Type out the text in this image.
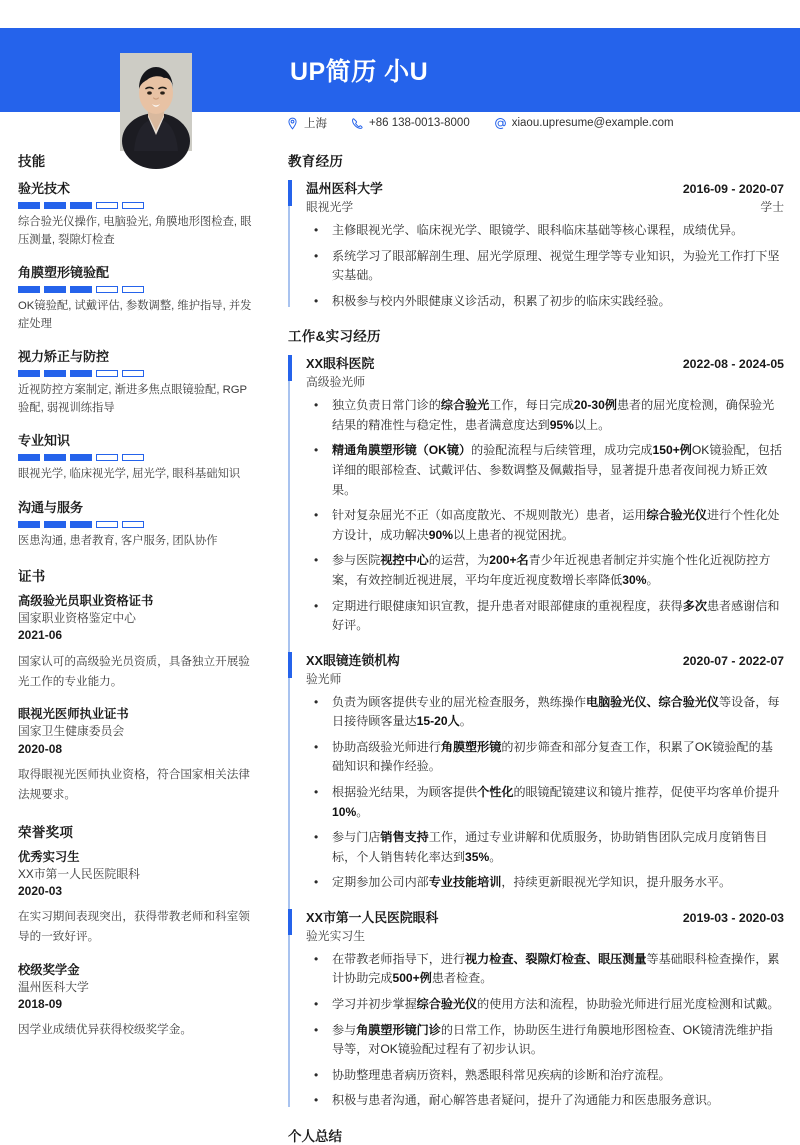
UP简历 小U
上海	+86 138-0013-8000	xiaou.upresume@example.com
技能
验光技术
综合验光仪操作, 电脑验光, 角膜地形图检查, 眼压测量, 裂隙灯检查
角膜塑形镜验配
OK镜验配, 试戴评估, 参数调整, 维护指导, 并发症处理
视力矫正与防控
近视防控方案制定, 渐进多焦点眼镜验配, RGP验配, 弱视训练指导
专业知识
眼视光学, 临床视光学, 屈光学, 眼科基础知识
沟通与服务
医患沟通, 患者教育, 客户服务, 团队协作
证书
高级验光员职业资格证书
国家职业资格鉴定中心
2021-06
国家认可的高级验光员资质，具备独立开展验光工作的专业能力。
眼视光医师执业证书
国家卫生健康委员会
2020-08
取得眼视光医师执业资格，符合国家相关法律法规要求。
荣誉奖项
优秀实习生
XX市第一人民医院眼科
2020-03
在实习期间表现突出，获得带教老师和科室领导的一致好评。
校级奖学金
温州医科大学
2018-09
因学业成绩优异获得校级奖学金。
教育经历
温州医科大学	2016-09 - 2020-07
眼视光学	学士
• 主修眼视光学、临床视光学、眼镜学、眼科临床基础等核心课程，成绩优异。
• 系统学习了眼部解剖生理、屈光学原理、视觉生理学等专业知识，为验光工作打下坚实基础。
• 积极参与校内外眼健康义诊活动，积累了初步的临床实践经验。
工作&实习经历
XX眼科医院	2022-08 - 2024-05
高级验光师
• 独立负责日常门诊的综合验光工作，每日完成20-30例患者的屈光度检测，确保验光结果的精准性与稳定性，患者满意度达到95%以上。
• 精通角膜塑形镜（OK镜）的验配流程与后续管理，成功完成150+例OK镜验配，包括详细的眼部检查、试戴评估、参数调整及佩戴指导，显著提升患者夜间视力矫正效果。
• 针对复杂屈光不正（如高度散光、不规则散光）患者，运用综合验光仪进行个性化处方设计，成功解决90%以上患者的视觉困扰。
• 参与医院视控中心的运营，为200+名青少年近视患者制定并实施个性化近视防控方案，有效控制近视进展，平均年度近视度数增长率降低30%。
• 定期进行眼健康知识宣教，提升患者对眼部健康的重视程度，获得多次患者感谢信和好评。
XX眼镜连锁机构	2020-07 - 2022-07
验光师
• 负责为顾客提供专业的屈光检查服务，熟练操作电脑验光仪、综合验光仪等设备，每日接待顾客量达15-20人。
• 协助高级验光师进行角膜塑形镜的初步筛查和部分复查工作，积累了OK镜验配的基础知识和操作经验。
• 根据验光结果，为顾客提供个性化的眼镜配镜建议和镜片推荐，促使平均客单价提升10%。
• 参与门店销售支持工作，通过专业讲解和优质服务，协助销售团队完成月度销售目标，个人销售转化率达到35%。
• 定期参加公司内部专业技能培训，持续更新眼视光学知识，提升服务水平。
XX市第一人民医院眼科	2019-03 - 2020-03
验光实习生
• 在带教老师指导下，进行视力检查、裂隙灯检查、眼压测量等基础眼科检查操作，累计协助完成500+例患者检查。
• 学习并初步掌握综合验光仪的使用方法和流程，协助验光师进行屈光度检测和试戴。
• 参与角膜塑形镜门诊的日常工作，协助医生进行角膜地形图检查、OK镜清洗维护指导等，对OK镜验配过程有了初步认识。
• 协助整理患者病历资料，熟悉眼科常见疾病的诊断和治疗流程。
• 积极与患者沟通，耐心解答患者疑问，提升了沟通能力和医患服务意识。
个人总结
